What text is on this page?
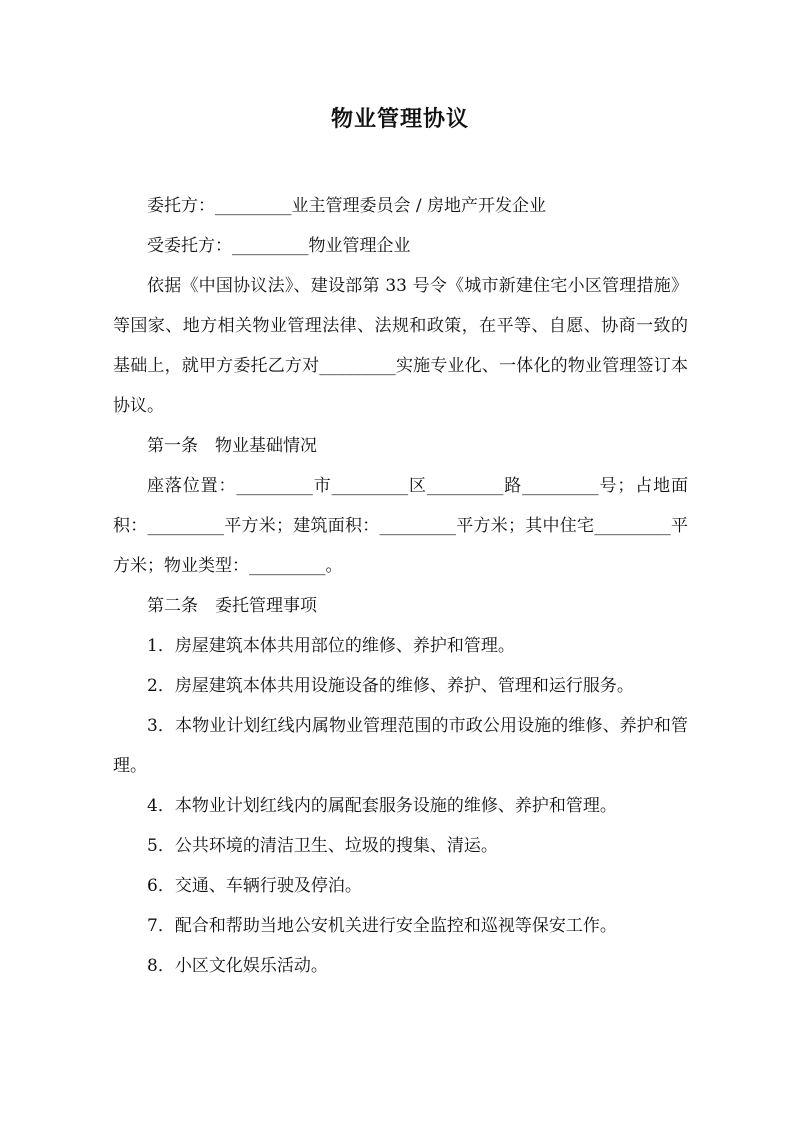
物业管理协议

委托方：_________业主管理委员会 / 房地产开发企业

受委托方：_________物业管理企业

依据《中国协议法》、建设部第 33 号令《城市新建住宅小区管理措施》等国家、地方相关物业管理法律、法规和政策，在平等、自愿、协商一致的基础上，就甲方委托乙方对_________实施专业化、一体化的物业管理签订本协议。

第一条　物业基础情况

座落位置：_________市_________区_________路_________号；占地面积：_________平方米；建筑面积：_________平方米；其中住宅_________平方米；物业类型：_________。

第二条　委托管理事项

1．房屋建筑本体共用部位的维修、养护和管理。

2．房屋建筑本体共用设施设备的维修、养护、管理和运行服务。

3．本物业计划红线内属物业管理范围的市政公用设施的维修、养护和管理。

4．本物业计划红线内的属配套服务设施的维修、养护和管理。

5．公共环境的清洁卫生、垃圾的搜集、清运。

6．交通、车辆行驶及停泊。

7．配合和帮助当地公安机关进行安全监控和巡视等保安工作。

8．小区文化娱乐活动。
